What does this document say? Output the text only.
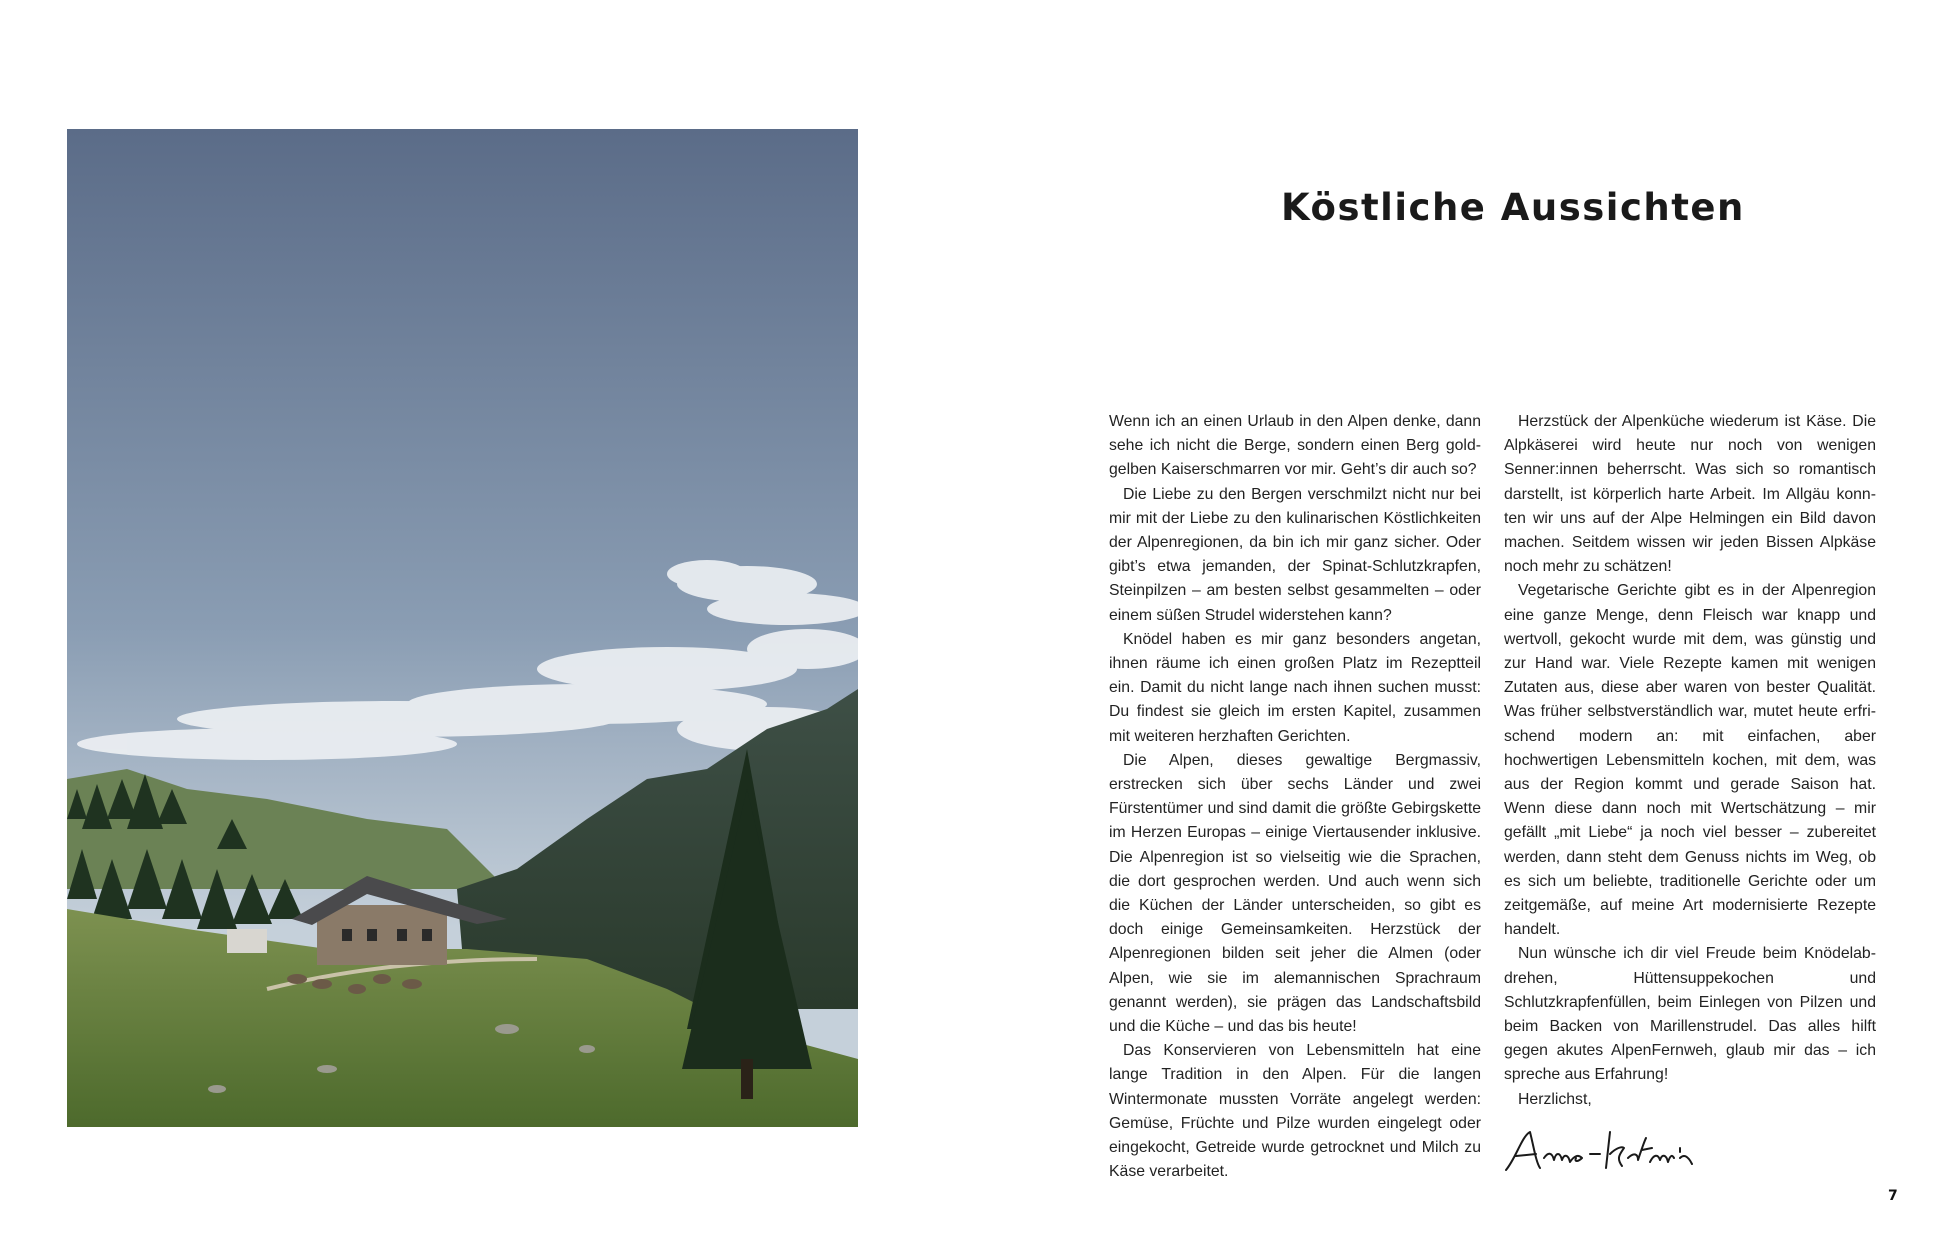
Köstliche Aussichten

Wenn ich an einen Urlaub in den Alpen denke, dann sehe ich nicht die Berge, sondern einen Berg goldgelben Kaiserschmarren vor mir. Geht’s dir auch so?

Die Liebe zu den Bergen verschmilzt nicht nur bei mir mit der Liebe zu den kulinarischen Köstlichkeiten der Alpenregionen, da bin ich mir ganz sicher. Oder gibt’s etwa jemanden, der Spinat-Schlutzkrapfen, Steinpilzen – am besten selbst gesammelten – oder einem süßen Strudel widerstehen kann?

Knödel haben es mir ganz besonders angetan, ihnen räume ich einen großen Platz im Rezeptteil ein. Damit du nicht lange nach ihnen suchen musst: Du findest sie gleich im ersten Kapitel, zusammen mit weiteren herzhaften Gerichten.

Die Alpen, dieses gewaltige Bergmassiv, erstrecken sich über sechs Länder und zwei Fürstentümer und sind damit die größte Gebirgskette im Herzen Europas – einige Viertausender inklusive. Die Alpenregion ist so vielseitig wie die Sprachen, die dort gesprochen werden. Und auch wenn sich die Küchen der Länder unterscheiden, so gibt es doch einige Gemeinsamkeiten. Herzstück der Alpenregionen bilden seit jeher die Almen (oder Alpen, wie sie im alemannischen Sprachraum genannt werden), sie prägen das Landschaftsbild und die Küche – und das bis heute!

Das Konservieren von Lebensmitteln hat eine lange Tradition in den Alpen. Für die langen Wintermonate mussten Vorräte angelegt werden: Gemüse, Früchte und Pilze wurden eingelegt oder eingekocht, Getreide wurde getrocknet und Milch zu Käse verarbeitet.

Herzstück der Alpenküche wiederum ist Käse. Die Alpkäserei wird heute nur noch von wenigen Senner:innen beherrscht. Was sich so romantisch darstellt, ist körperlich harte Arbeit. Im Allgäu konnten wir uns auf der Alpe Helmingen ein Bild davon machen. Seitdem wissen wir jeden Bissen Alpkäse noch mehr zu schätzen!

Vegetarische Gerichte gibt es in der Alpenregion eine ganze Menge, denn Fleisch war knapp und wertvoll, gekocht wurde mit dem, was günstig und zur Hand war. Viele Rezepte kamen mit wenigen Zutaten aus, diese aber waren von bester Qualität. Was früher selbstverständlich war, mutet heute erfrischend modern an: mit einfachen, aber hochwertigen Lebensmitteln kochen, mit dem, was aus der Region kommt und gerade Saison hat. Wenn diese dann noch mit Wertschätzung – mir gefällt „mit Liebe“ ja noch viel besser – zubereitet werden, dann steht dem Genuss nichts im Weg, ob es sich um beliebte, traditionelle Gerichte oder um zeitgemäße, auf meine Art modernisierte Rezepte handelt.

Nun wünsche ich dir viel Freude beim Knödelabdrehen, Hüttensuppekochen und Schlutzkrapfenfüllen, beim Einlegen von Pilzen und beim Backen von Marillenstrudel. Das alles hilft gegen akutes AlpenFernweh, glaub mir das – ich spreche aus Erfahrung!

Herzlichst,

7
